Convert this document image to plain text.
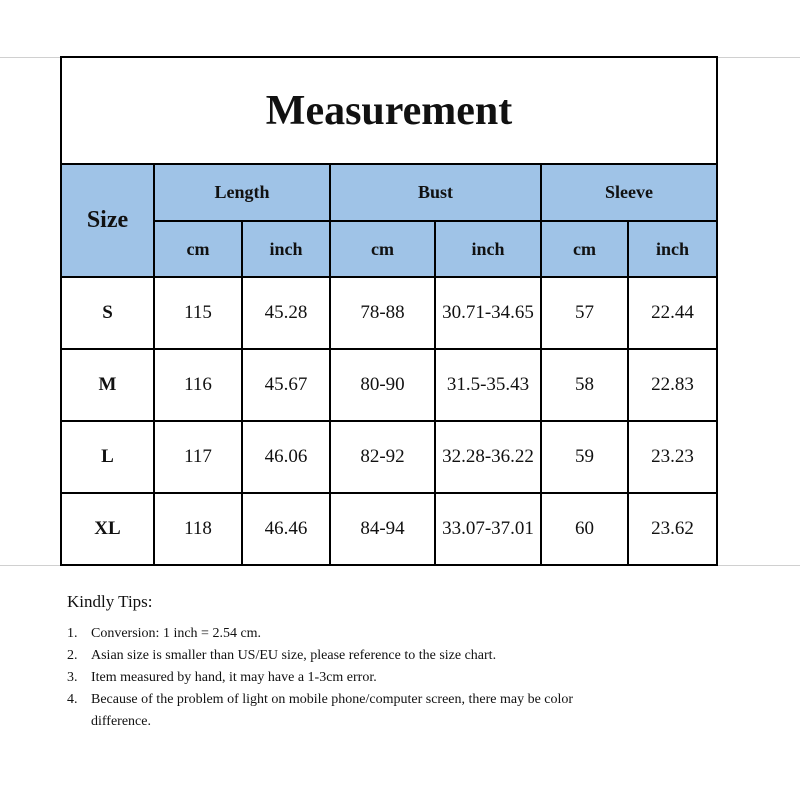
Measurement						
Size	Length		Bust		Sleeve	
	cm	inch	cm	inch	cm	inch
S	115	45.28	78-88	30.71-34.65	57	22.44
M	116	45.67	80-90	31.5-35.43	58	22.83
L	117	46.06	82-92	32.28-36.22	59	23.23
XL	118	46.46	84-94	33.07-37.01	60	23.62

Kindly Tips:

1. Conversion: 1 inch = 2.54 cm.
2. Asian size is smaller than US/EU size, please reference to the size chart.
3. Item measured by hand, it may have a 1-3cm error.
4. Because of the problem of light on mobile phone/computer screen, there may be color difference.
